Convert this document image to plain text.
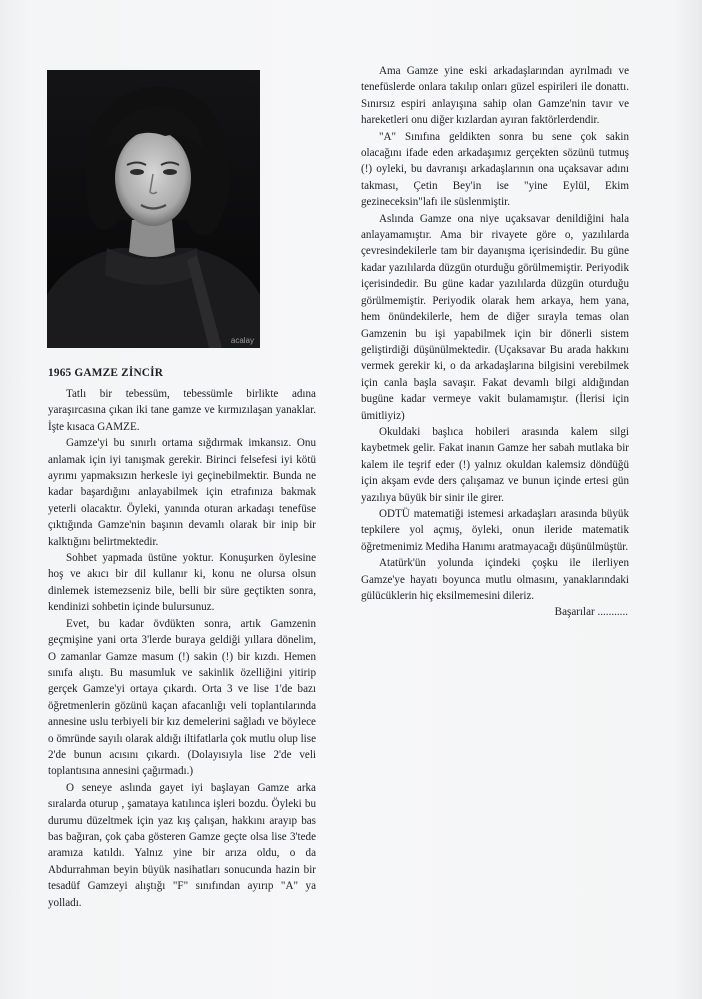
acalay
1965 GAMZE ZİNCİR

Tatlı bir tebessüm, tebessümle birlikte adına yaraşırcasına çıkan iki tane gamze ve kırmızılaşan yanaklar. İşte kısaca GAMZE.

Gamze'yi bu sınırlı ortama sığdırmak imkansız. Onu anlamak için iyi tanışmak gerekir. Birinci felsefesi iyi kötü ayrımı yapmaksızın herkesle iyi geçinebilmektir. Bunda ne kadar başardığını anlayabilmek için etrafınıza bakmak yeterli olacaktır. Öyleki, yanında oturan arkadaşı tenefüse çıktığında Gamze'nin başının devamlı olarak bir inip bir kalktığını belirtmektedir.

Sohbet yapmada üstüne yoktur. Konuşurken öylesine hoş ve akıcı bir dil kullanır ki, konu ne olursa olsun dinlemek istemezseniz bile, belli bir süre geçtikten sonra, kendinizi sohbetin içinde bulursunuz.

Evet, bu kadar övdükten sonra, artık Gamzenin geçmişine yani orta 3'lerde buraya geldiği yıllara dönelim, O zamanlar Gamze masum (!) sakin (!) bir kızdı. Hemen sınıfa alıştı. Bu masumluk ve sakinlik özelliğini yitirip gerçek Gamze'yi ortaya çıkardı. Orta 3 ve lise 1'de bazı öğretmenlerin gözünü kaçan afacanlığı veli toplantılarında annesine uslu terbiyeli bir kız demelerini sağladı ve böylece o ömründe sayılı olarak aldığı iltifatlarla çok mutlu olup lise 2'de bunun acısını çıkardı. (Dolayısıyla lise 2'de veli toplantısına annesini çağırmadı.)

O seneye aslında gayet iyi başlayan Gamze arka sıralarda oturup , şamataya katılınca işleri bozdu. Öyleki bu durumu düzeltmek için yaz kış çalışan, hakkını arayıp bas bas bağıran, çok çaba gösteren Gamze geçte olsa lise 3'tede aramıza katıldı. Yalnız yine bir arıza oldu, o da Abdurrahman beyin büyük nasihatları sonucunda hazin bir tesadüf Gamzeyi alıştığı "F" sınıfından ayırıp "A" ya yolladı.

Ama Gamze yine eski arkadaşlarından ayrılmadı ve tenefüslerde onlara takılıp onları güzel espirileri ile donattı. Sınırsız espiri anlayışına sahip olan Gamze'nin tavır ve hareketleri onu diğer kızlardan ayıran faktörlerdendir.

"A" Sınıfına geldikten sonra bu sene çok sakin olacağını ifade eden arkadaşımız gerçekten sözünü tutmuş (!) oyleki, bu davranışı arkadaşlarının ona uçaksavar adını takması, Çetin Bey'in ise "yine Eylül, Ekim gezineceksin"lafı ile süslenmiştir.

Aslında Gamze ona niye uçaksavar denildiğini hala anlayamamıştır. Ama bir rivayete göre o, yazılılarda çevresindekilerle tam bir dayanışma içerisindedir. Bu güne kadar yazılılarda düzgün oturduğu görülmemiştir. Periyodik içerisindedir. Bu güne kadar yazılılarda düzgün oturduğu görülmemiştir. Periyodik olarak hem arkaya, hem yana, hem önündekilerle, hem de diğer sırayla temas olan Gamzenin bu işi yapabilmek için bir dönerli sistem geliştirdiği düşünülmektedir. (Uçaksavar Bu arada hakkını vermek gerekir ki, o da arkadaşlarına bilgisini verebilmek için canla başla savaşır. Fakat devamlı bilgi aldığından bugüne kadar vermeye vakit bulamamıştır. (İlerisi için ümitliyiz)

Okuldaki başlıca hobileri arasında kalem silgi kaybetmek gelir. Fakat inanın Gamze her sabah mutlaka bir kalem ile teşrif eder (!) yalnız okuldan kalemsiz döndüğü için akşam evde ders çalışamaz ve bunun içinde ertesi gün yazılıya büyük bir sinir ile girer.

ODTÜ matematiği istemesi arkadaşları arasında büyük tepkilere yol açmış, öyleki, onun ileride matematik öğretmenimiz Mediha Hanımı aratmayacağı düşünülmüştür.

Atatürk'ün yolunda içindeki çoşku ile ilerliyen Gamze'ye hayatı boyunca mutlu olmasını, yanaklarındaki gülücüklerin hiç eksilmemesini dileriz.

Başarılar ...........
